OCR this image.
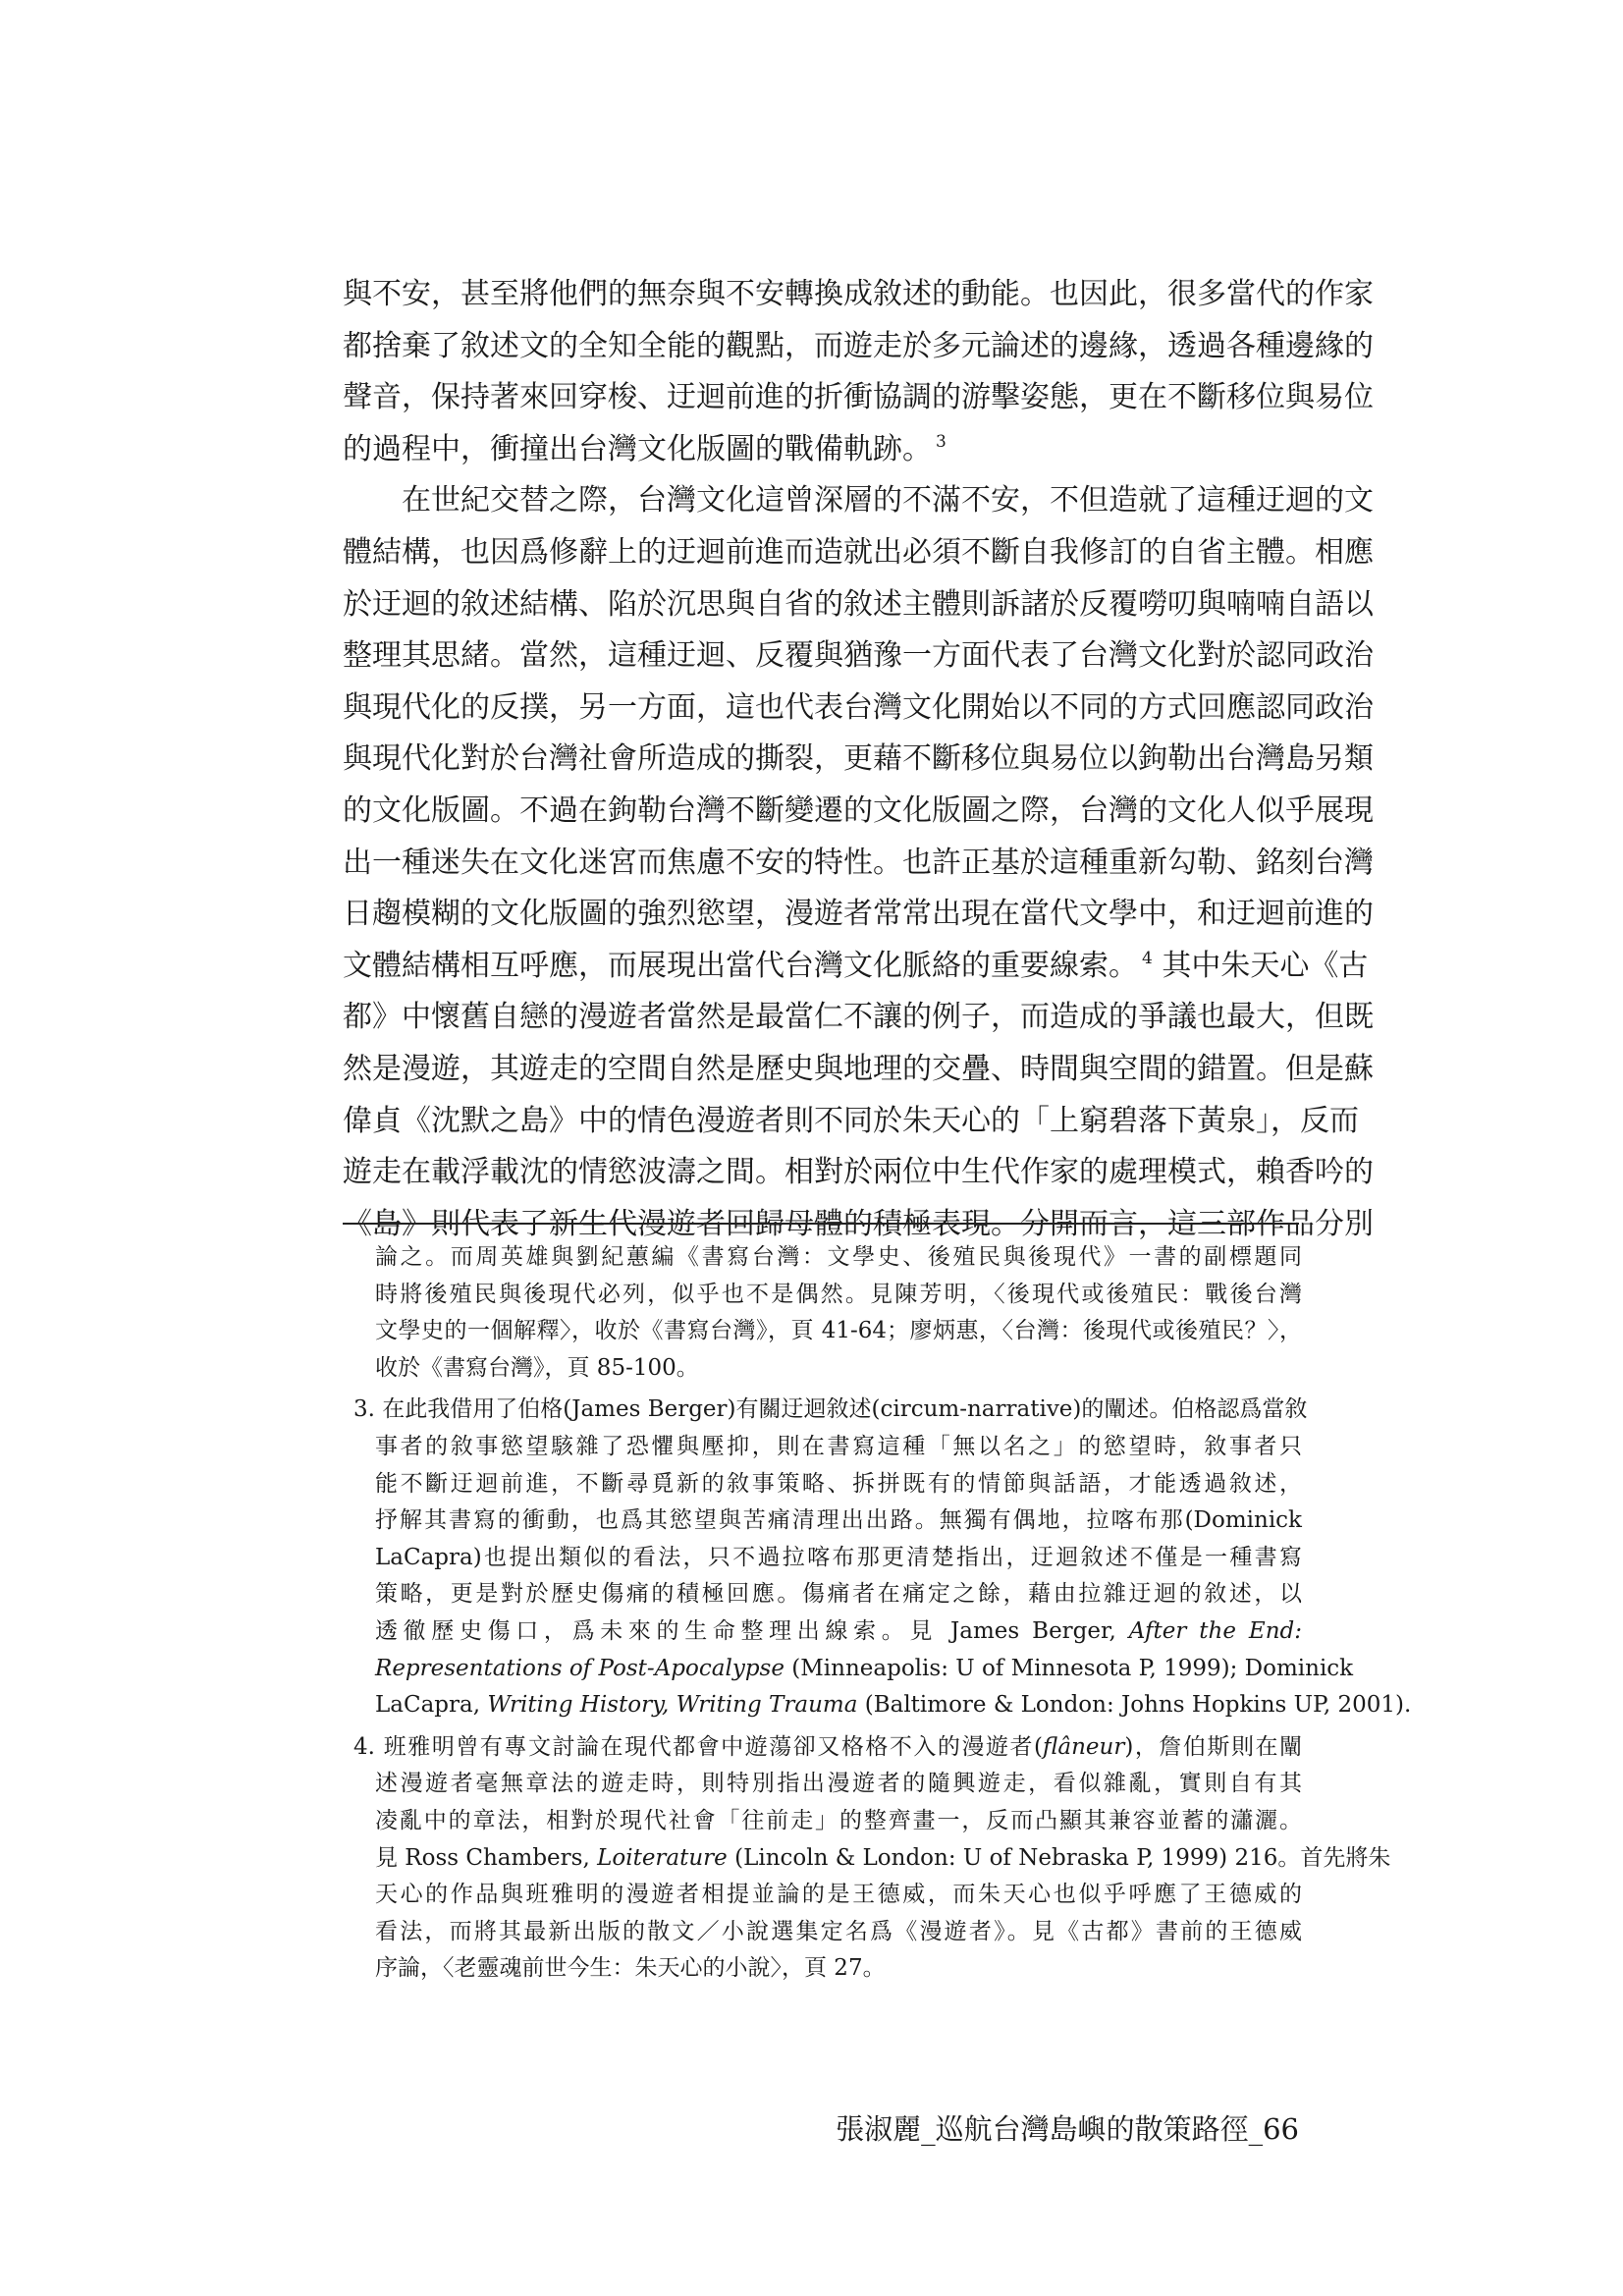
與不安，甚至將他們的無奈與不安轉換成敘述的動能。也因此，很多當代的作家
都捨棄了敘述文的全知全能的觀點，而遊走於多元論述的邊緣，透過各種邊緣的
聲音，保持著來回穿梭、迂迴前進的折衝協調的游擊姿態，更在不斷移位與易位
的過程中，衝撞出台灣文化版圖的戰備軌跡。 $^3$
在世紀交替之際，台灣文化這曾深層的不滿不安，不但造就了這種迂迴的文
體結構，也因爲修辭上的迂迴前進而造就出必須不斷自我修訂的自省主體。相應
於迂迴的敘述結構、陷於沉思與自省的敘述主體則訴諸於反覆嘮叨與喃喃自語以
整理其思緒。當然，這種迂迴、反覆與猶豫一方面代表了台灣文化對於認同政治
與現代化的反撲，另一方面，這也代表台灣文化開始以不同的方式回應認同政治
與現代化對於台灣社會所造成的撕裂，更藉不斷移位與易位以鉤勒出台灣島另類
的文化版圖。不過在鉤勒台灣不斷變遷的文化版圖之際，台灣的文化人似乎展現
出一種迷失在文化迷宮而焦慮不安的特性。也許正基於這種重新勾勒、銘刻台灣
日趨模糊的文化版圖的強烈慾望，漫遊者常常出現在當代文學中，和迂迴前進的
文體結構相互呼應，而展現出當代台灣文化脈絡的重要線索。 $^4$ 其中朱天心《古
都》中懷舊自戀的漫遊者當然是最當仁不讓的例子，而造成的爭議也最大，但既
然是漫遊，其遊走的空間自然是歷史與地理的交疊、時間與空間的錯置。但是蘇
偉貞《沈默之島》中的情色漫遊者則不同於朱天心的「上窮碧落下黃泉」，反而
遊走在載浮載沈的情慾波濤之間。相對於兩位中生代作家的處理模式，賴香吟的
《島》則代表了新生代漫遊者回歸母體的積極表現。分開而言，這三部作品分別
論之。而周英雄與劉紀蕙編《書寫台灣：文學史、後殖民與後現代》一書的副標題同
時將後殖民與後現代必列，似乎也不是偶然。見陳芳明，〈後現代或後殖民：戰後台灣
文學史的一個解釋〉，收於《書寫台灣》，頁 41-64；廖炳惠，〈台灣：後現代或後殖民？〉，
收於《書寫台灣》，頁 85-100。
3. 在此我借用了伯格(James Berger)有關迂迴敘述(circum-narrative)的闡述。伯格認爲當敘
事者的敘事慾望駭雜了恐懼與壓抑，則在書寫這種「無以名之」的慾望時，敘事者只
能不斷迂迴前進，不斷尋覓新的敘事策略、拆拼既有的情節與話語，才能透過敘述，
抒解其書寫的衝動，也爲其慾望與苦痛清理出出路。無獨有偶地，拉喀布那(Dominick
LaCapra)也提出類似的看法，只不過拉喀布那更清楚指出，迂迴敘述不僅是一種書寫
策略，更是對於歷史傷痛的積極回應。傷痛者在痛定之餘，藉由拉雜迂迴的敘述，以
透徹歷史傷口，爲未來的生命整理出線索。見 James Berger, After the End:
Representations of Post-Apocalypse (Minneapolis: U of Minnesota P, 1999); Dominick
LaCapra, Writing History, Writing Trauma (Baltimore & London: Johns Hopkins UP, 2001).
4. 班雅明曾有專文討論在現代都會中遊蕩卻又格格不入的漫遊者(flâneur)，詹伯斯則在闡
述漫遊者毫無章法的遊走時，則特別指出漫遊者的隨興遊走，看似雜亂，實則自有其
凌亂中的章法，相對於現代社會「往前走」的整齊畫一，反而凸顯其兼容並蓄的瀟灑。
見 Ross Chambers, Loiterature (Lincoln & London: U of Nebraska P, 1999) 216。首先將朱
天心的作品與班雅明的漫遊者相提並論的是王德威，而朱天心也似乎呼應了王德威的
看法，而將其最新出版的散文／小說選集定名爲《漫遊者》。見《古都》書前的王德威
序論，〈老靈魂前世今生：朱天心的小說〉，頁 27。
張淑麗_巡航台灣島嶼的散策路徑_66
